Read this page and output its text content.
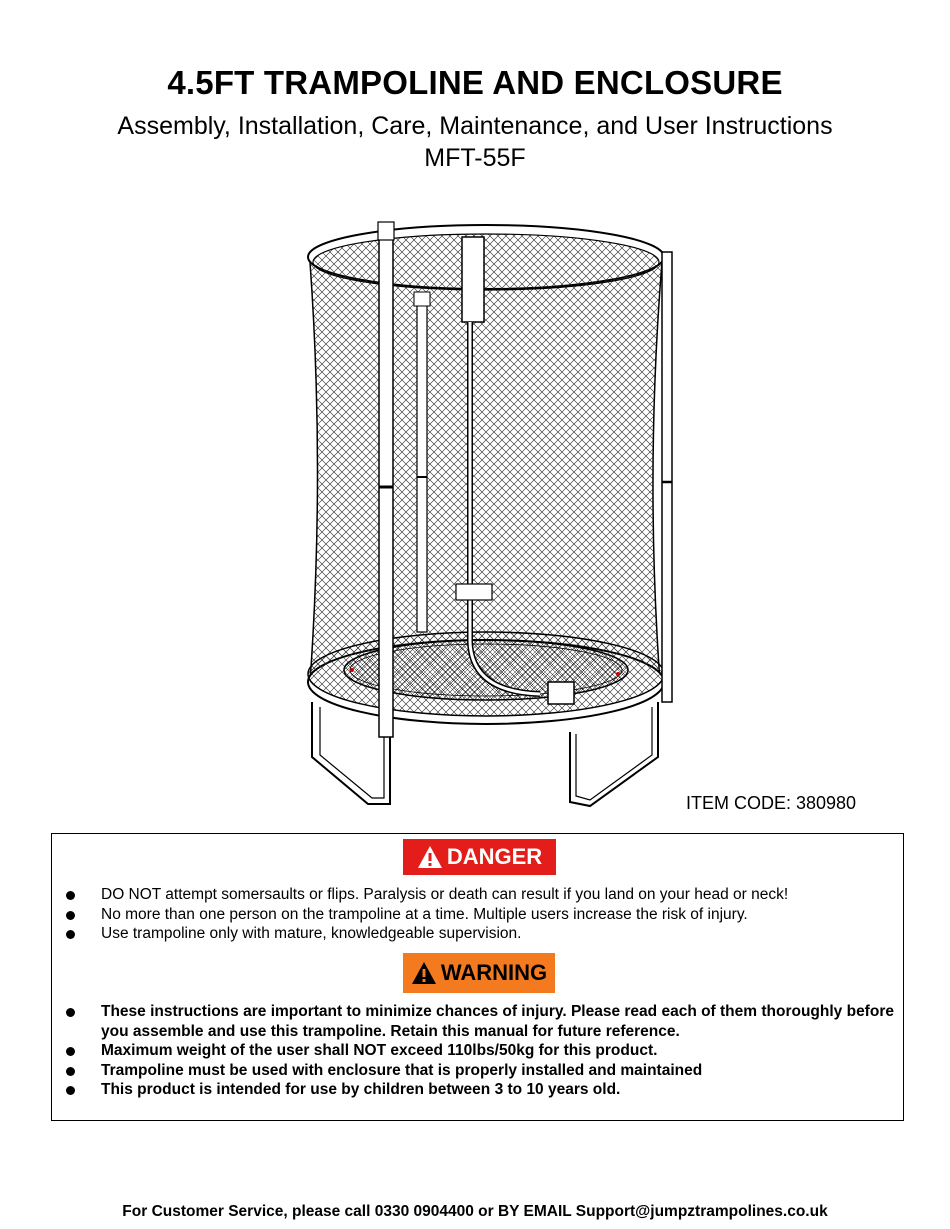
4.5FT TRAMPOLINE AND ENCLOSURE
Assembly, Installation, Care, Maintenance, and User Instructions
MFT-55F
ITEM CODE: 380980
DANGER
DO NOT attempt somersaults or flips. Paralysis or death can result if you land on your head or neck!
No more than one person on the trampoline at a time. Multiple users increase the risk of injury.
Use trampoline only with mature, knowledgeable supervision.
WARNING
These instructions are important to minimize chances of injury. Please read each of them thoroughly before you assemble and use this trampoline. Retain this manual for future reference.
Maximum weight of the user shall NOT exceed 110lbs/50kg for this product.
Trampoline must be used with enclosure that is properly installed and maintained
This product is intended for use by children between 3 to 10 years old.
For Customer Service, please call 0330 0904400 or BY EMAIL Support@jumpztrampolines.co.uk
